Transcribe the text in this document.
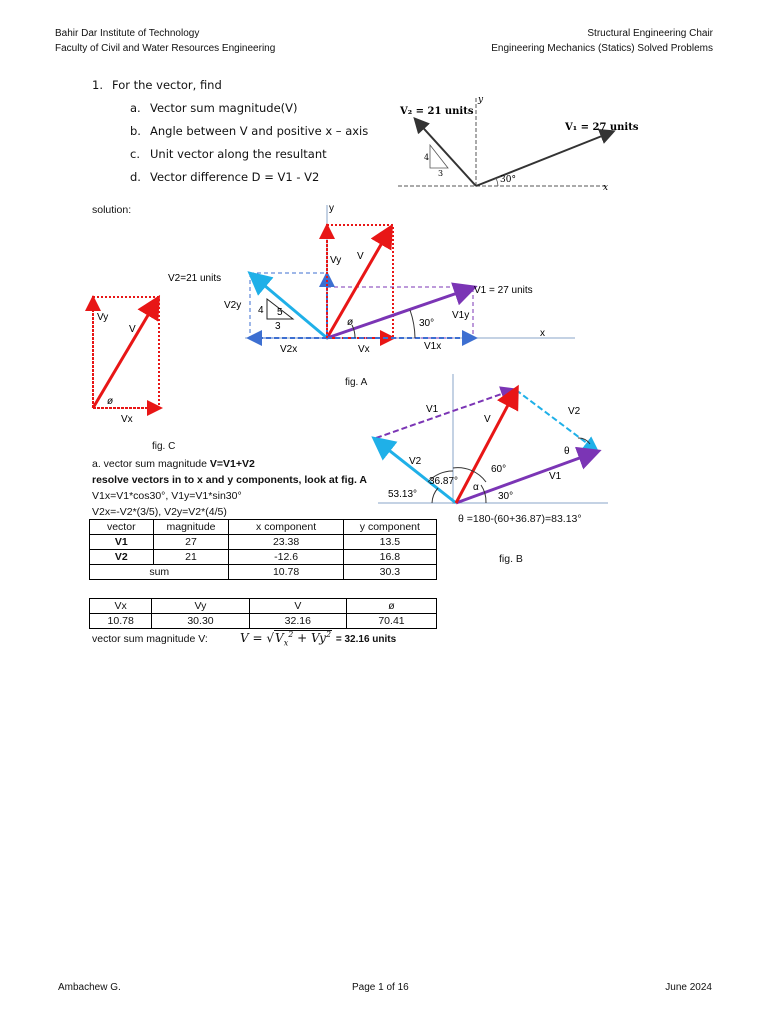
Bahir Dar Institute of Technology
Faculty of Civil and Water Resources Engineering
Structural Engineering Chair
Engineering Mechanics (Statics) Solved Problems
1. For the vector, find
a. Vector sum magnitude(V)
b. Angle between V and positive x – axis
c. Unit vector along the resultant
d. Vector difference D = V1 - V2
V₂ = 21 units
V₁ = 27 units
y
x
30°
4
3
solution:	y
x
V2=21 units
V1 = 27 units
Vy V
V2y
V1y
V2x	Vx	V1x
ø	30°
4 5
3
fig. A
Vy
V
ø
Vx
fig. C
V1
V
V2
θ
V2
V1
60°
36.87°
α
53.13°	30°
θ =180-(60+36.87)=83.13°
fig. B
a. vector sum magnitude V=V1+V2
resolve vectors in to x and y components, look at fig. A
V1x=V1*cos30°, V1y=V1*sin30°
V2x=-V2*(3/5), V2y=V2*(4/5)
vector	magnitude	x component	y component
V1	27	23.38	13.5
V2	21	-12.6	16.8
sum		10.78	30.3
Vx	Vy	V	ø
10.78	30.30	32.16	70.41
vector sum magnitude V:	$V = √V_x^2 + Vy^2 = 32.16$ units
Ambachew G.	Page 1 of 16	June 2024
